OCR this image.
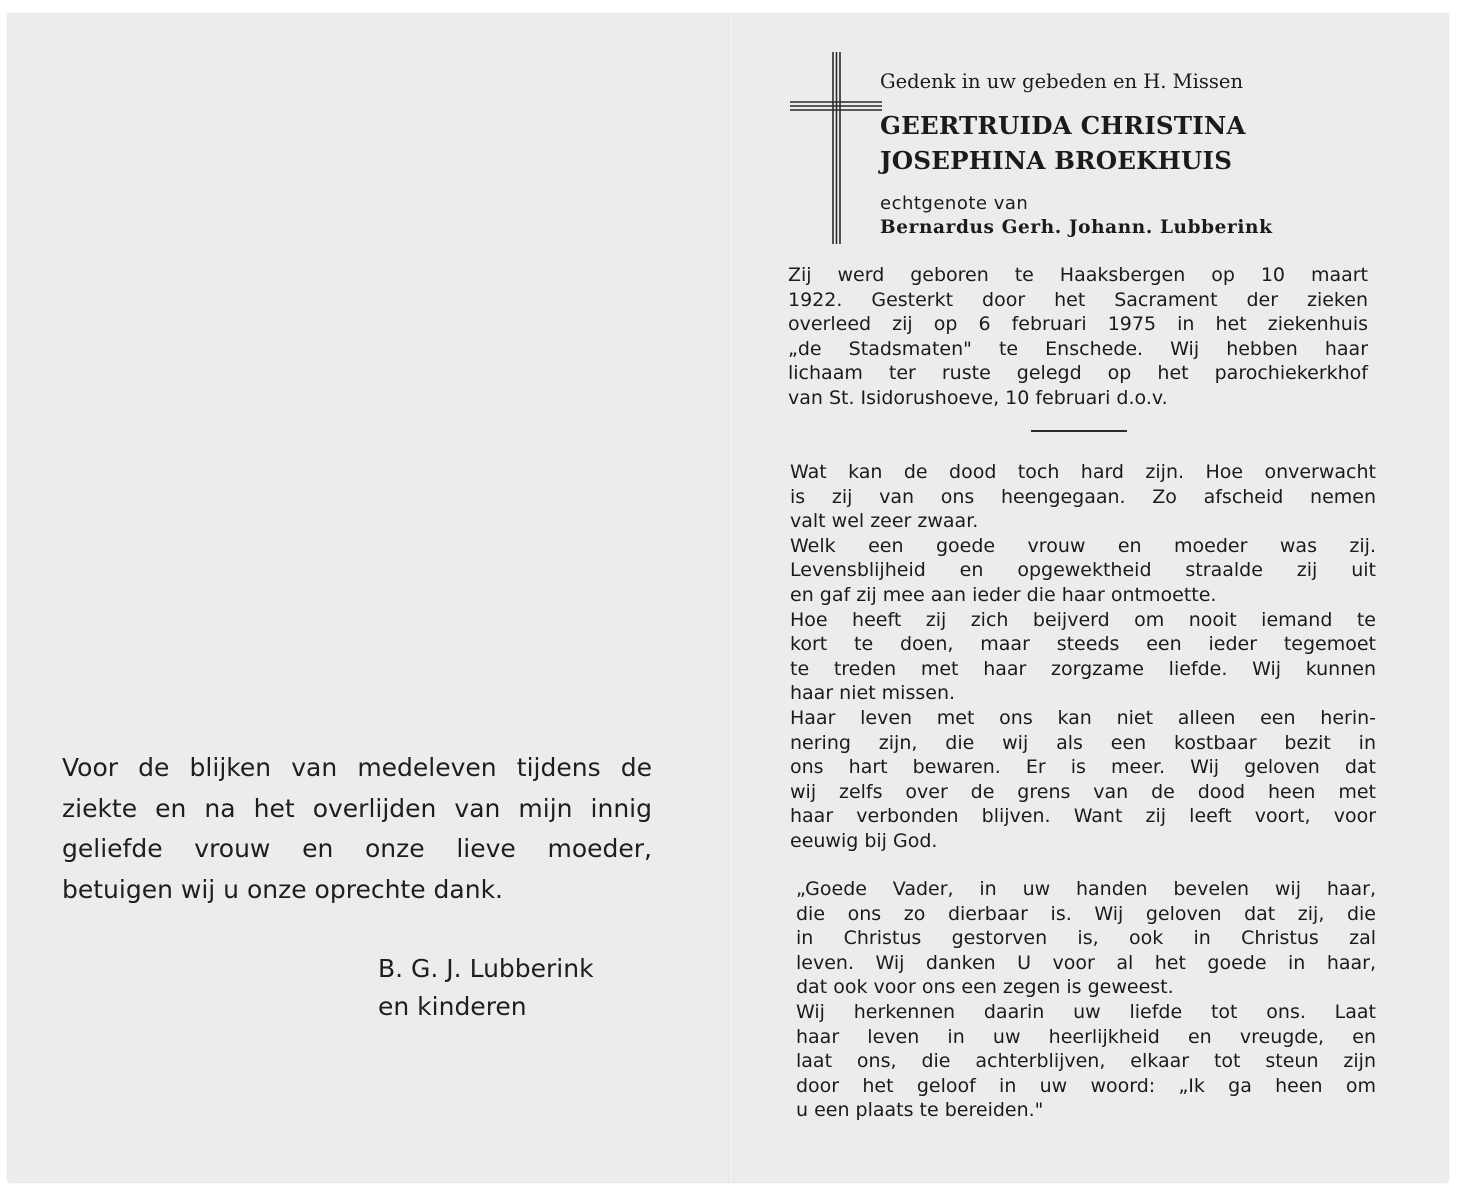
Voor de blijken van medeleven tijdens de ziekte en na het overlijden van mijn innig geliefde vrouw en onze lieve moeder, betuigen wij u onze oprechte dank.

B. G. J. Lubberink
en kinderen
Gedenk in uw gebeden en H. Missen
GEERTRUIDA CHRISTINA
JOSEPHINA BROEKHUIS
echtgenote van
Bernardus Gerh. Johann. Lubberink

Zij werd geboren te Haaksbergen op 10 maart
1922. Gesterkt door het Sacrament der zieken
overleed zij op 6 februari 1975 in het ziekenhuis
„de Stadsmaten" te Enschede. Wij hebben haar
lichaam ter ruste gelegd op het parochiekerkhof
van St. Isidorushoeve, 10 februari d.o.v.

Wat kan de dood toch hard zijn. Hoe onverwacht
is zij van ons heengegaan. Zo afscheid nemen
valt wel zeer zwaar.
Welk een goede vrouw en moeder was zij.
Levensblijheid en opgewektheid straalde zij uit
en gaf zij mee aan ieder die haar ontmoette.
Hoe heeft zij zich beijverd om nooit iemand te
kort te doen, maar steeds een ieder tegemoet
te treden met haar zorgzame liefde. Wij kunnen
haar niet missen.
Haar leven met ons kan niet alleen een herin-
nering zijn, die wij als een kostbaar bezit in
ons hart bewaren. Er is meer. Wij geloven dat
wij zelfs over de grens van de dood heen met
haar verbonden blijven. Want zij leeft voort, voor
eeuwig bij God.

„Goede Vader, in uw handen bevelen wij haar,
die ons zo dierbaar is. Wij geloven dat zij, die
in Christus gestorven is, ook in Christus zal
leven. Wij danken U voor al het goede in haar,
dat ook voor ons een zegen is geweest.
Wij herkennen daarin uw liefde tot ons. Laat
haar leven in uw heerlijkheid en vreugde, en
laat ons, die achterblijven, elkaar tot steun zijn
door het geloof in uw woord: „Ik ga heen om
u een plaats te bereiden."
